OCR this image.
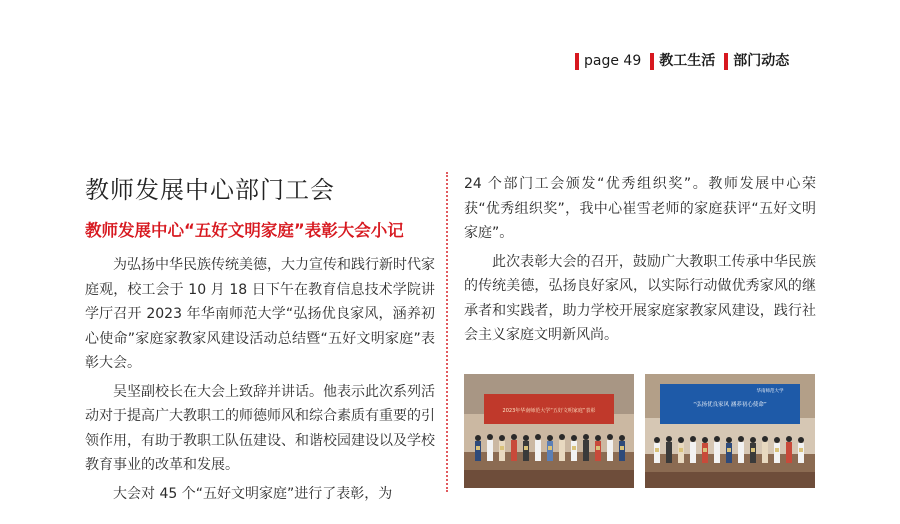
page 49 教工生活 部门动态
教师发展中心部门工会
教师发展中心“五好文明家庭”表彰大会小记

为弘扬中华民族传统美德，大力宣传和践行新时代家庭观，校工会于 10 月 18 日下午在教育信息技术学院讲学厅召开 2023 年华南师范大学“弘扬优良家风，涵养初心使命”家庭家教家风建设活动总结暨“五好文明家庭”表彰大会。

吴坚副校长在大会上致辞并讲话。他表示此次系列活动对于提高广大教职工的师德师风和综合素质有重要的引领作用，有助于教职工队伍建设、和谐校园建设以及学校教育事业的改革和发展。

大会对 45 个“五好文明家庭”进行了表彰，为

24 个部门工会颁发“优秀组织奖”。教师发展中心荣获“优秀组织奖”，我中心崔雪老师的家庭获评“五好文明家庭”。

此次表彰大会的召开，鼓励广大教职工传承中华民族的传统美德，弘扬良好家风，以实际行动做优秀家风的继承者和实践者，助力学校开展家庭家教家风建设，践行社会主义家庭文明新风尚。

2023年华南师范大学“五好文明家庭”表彰
华南师范大学
“弘扬优良家风 涵养初心使命”
